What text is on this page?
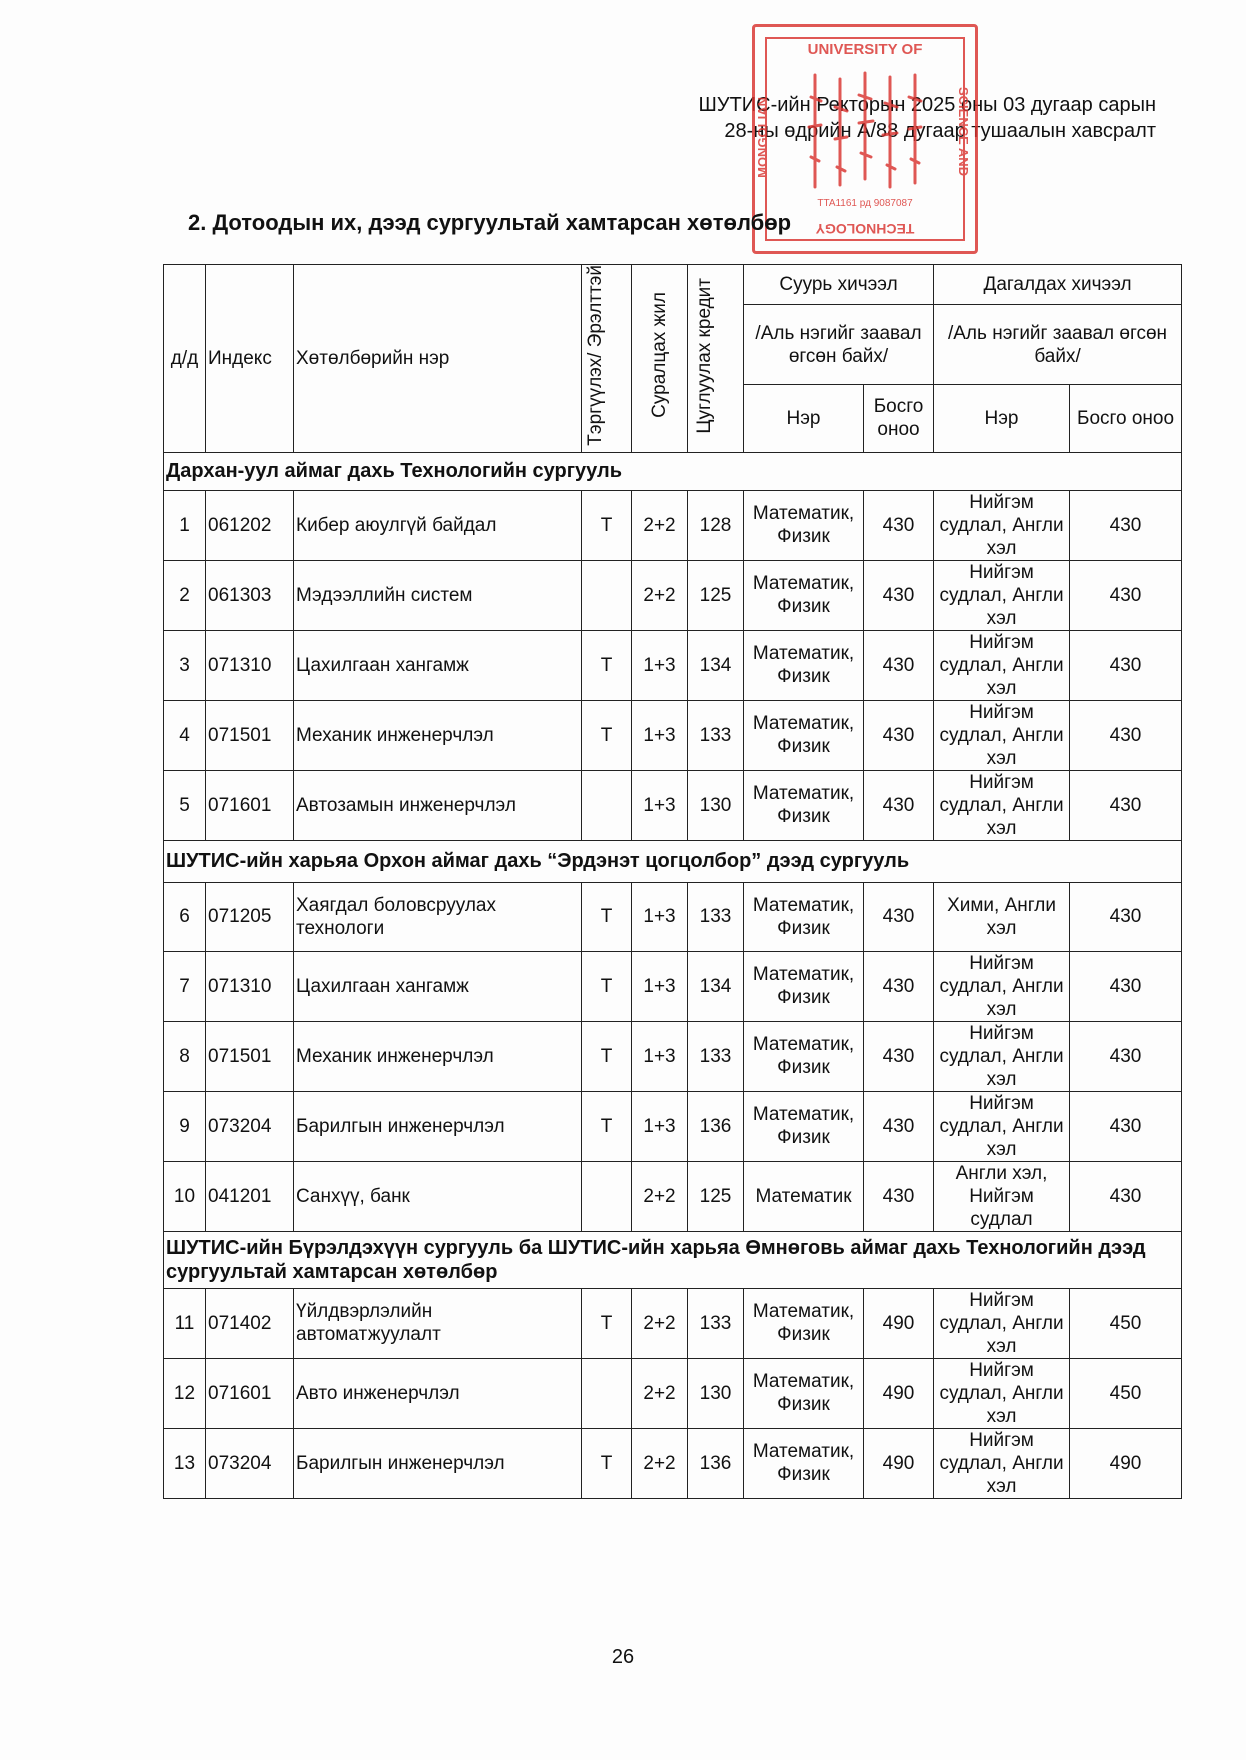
ШУТИС-ийн Ректорын 2025 оны 03 дугаар сарын
28-ны өдрийн А/88 дугаар тушаалын хавсралт
UNIVERSITY OF
MONGOLIAN	SCIENCE AND
TTA1161 рд 9087087
TECHNOLOGY
2. Дотоодын их, дээд сургуультай хамтарсан хөтөлбөр
д/д	Индекс	Хөтөлбөрийн нэр	Тэргүүлэх/ Эрэлттэй	Суралцах жил	Цуглуулах кредит	Суурь хичээл		Дагалдах хичээл	
						/Аль нэгийг заавал өгсөн байх/		/Аль нэгийг заавал өгсөн байх/	
						Нэр	Босго оноо	Нэр	Босго оноо
Дархан-уул аймаг дахь Технологийн сургууль									
1	061202	Кибер аюулгүй байдал	Т	2+2	128	Математик, Физик	430	Нийгэм судлал, Англи хэл	430
2	061303	Мэдээллийн систем		2+2	125	Математик, Физик	430	Нийгэм судлал, Англи хэл	430
3	071310	Цахилгаан хангамж	Т	1+3	134	Математик, Физик	430	Нийгэм судлал, Англи хэл	430
4	071501	Механик инженерчлэл	Т	1+3	133	Математик, Физик	430	Нийгэм судлал, Англи хэл	430
5	071601	Автозамын инженерчлэл		1+3	130	Математик, Физик	430	Нийгэм судлал, Англи хэл	430
ШУТИС-ийн харьяа Орхон аймаг дахь “Эрдэнэт цогцолбор” дээд сургууль									
6	071205	Хаягдал боловсруулах технологи	Т	1+3	133	Математик, Физик	430	Хими, Англи хэл	430
7	071310	Цахилгаан хангамж	Т	1+3	134	Математик, Физик	430	Нийгэм судлал, Англи хэл	430
8	071501	Механик инженерчлэл	Т	1+3	133	Математик, Физик	430	Нийгэм судлал, Англи хэл	430
9	073204	Барилгын инженерчлэл	Т	1+3	136	Математик, Физик	430	Нийгэм судлал, Англи хэл	430
10	041201	Санхүү, банк		2+2	125	Математик	430	Англи хэл, Нийгэм судлал	430
ШУТИС-ийн Бүрэлдэхүүн сургууль ба ШУТИС-ийн харьяа Өмнөговь аймаг дахь Технологийн дээд сургуультай хамтарсан хөтөлбөр									
11	071402	Үйлдвэрлэлийн автоматжуулалт	Т	2+2	133	Математик, Физик	490	Нийгэм судлал, Англи хэл	450
12	071601	Авто инженерчлэл		2+2	130	Математик, Физик	490	Нийгэм судлал, Англи хэл	450
13	073204	Барилгын инженерчлэл	Т	2+2	136	Математик, Физик	490	Нийгэм судлал, Англи хэл	490
26
